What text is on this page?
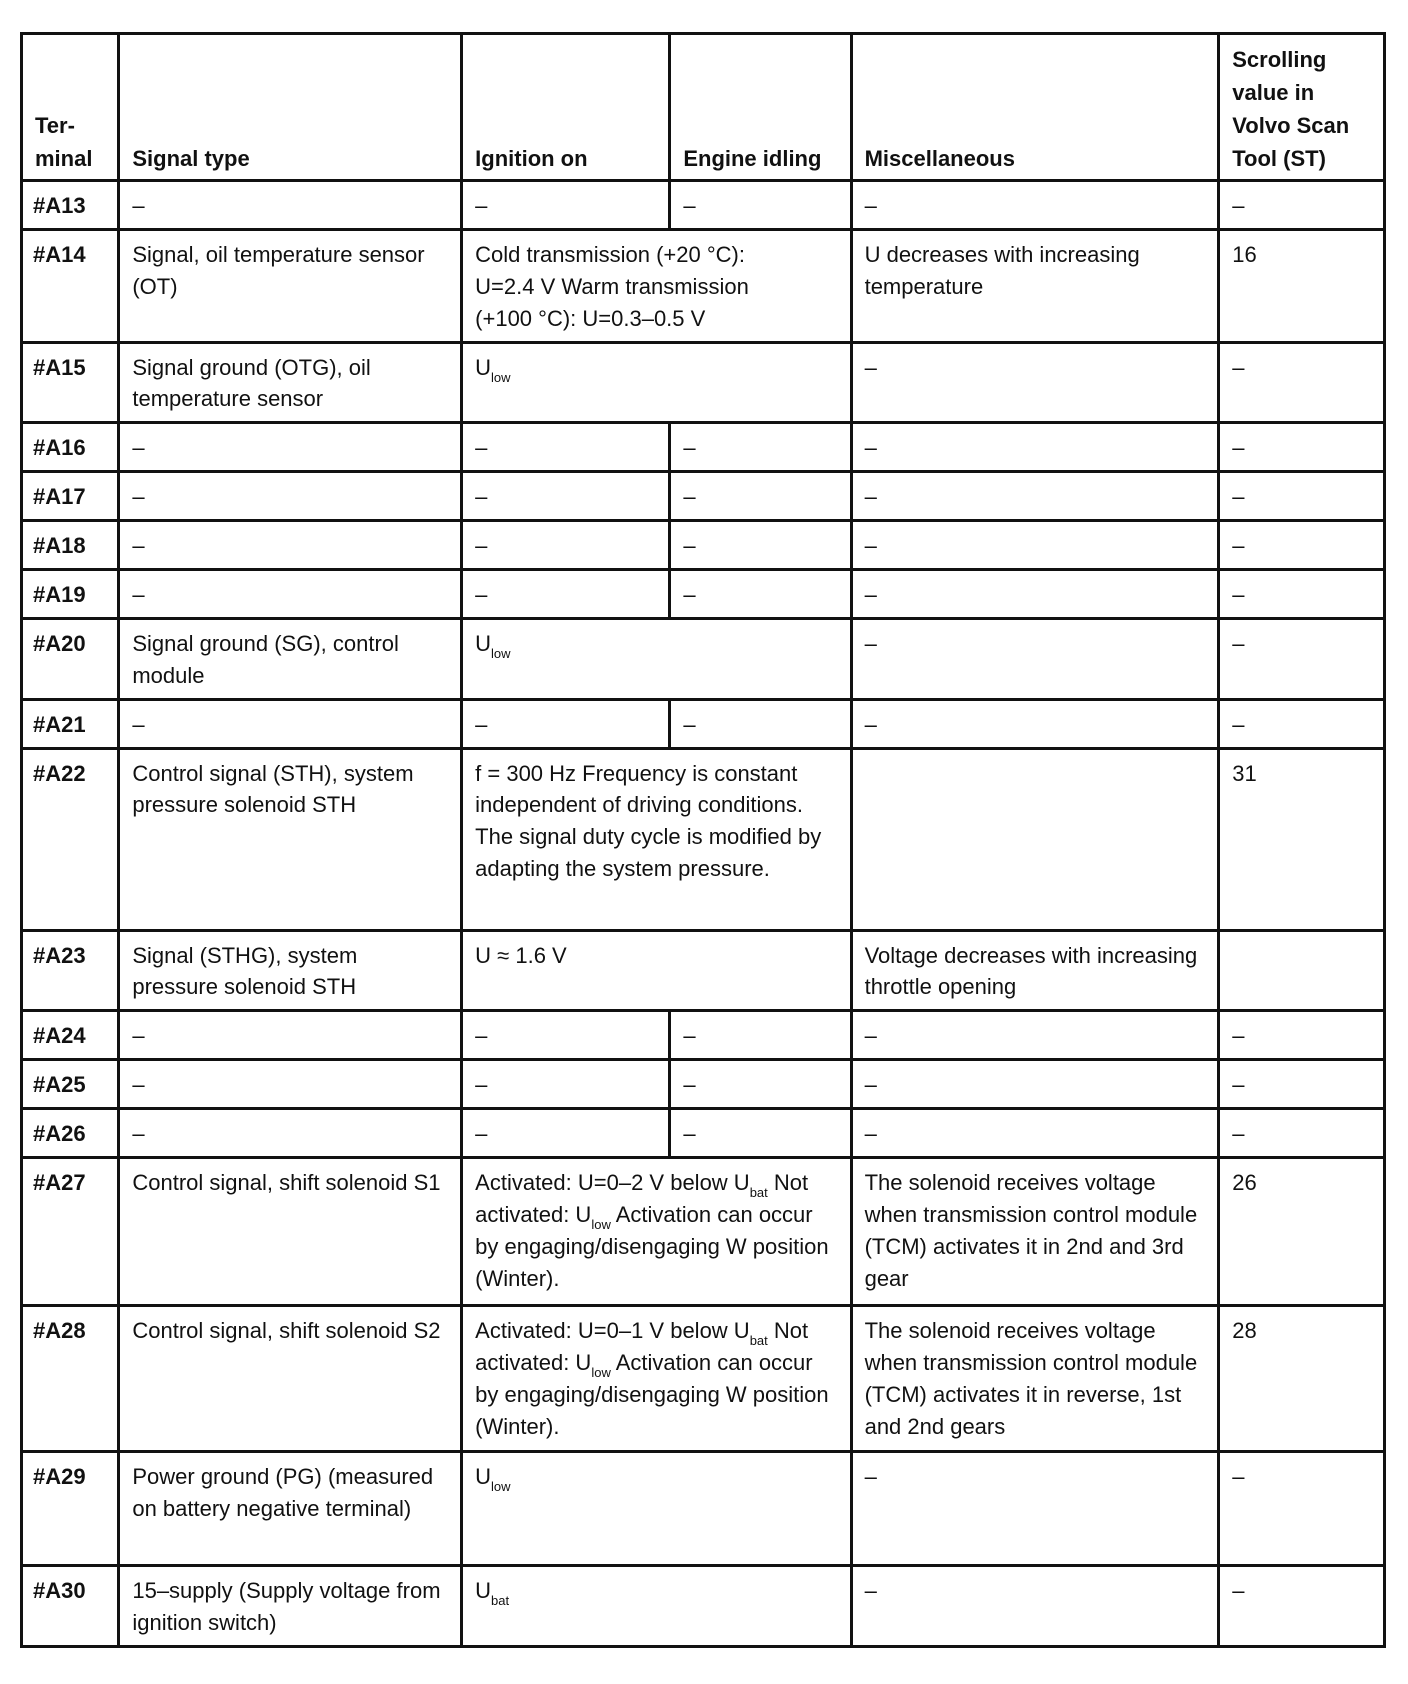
Ter- minal	Signal type	Ignition on	Engine idling	Miscellaneous	Scrolling value in Volvo Scan Tool (ST)
#A13	–	–	–	–	–
#A14	Signal, oil temperature sensor (OT)	Cold transmission (+20 °C):
U=2.4 V Warm transmission
(+100 °C): U=0.3–0.5 V		U decreases with increasing temperature	16
#A15	Signal ground (OTG), oil temperature sensor	$U_{low}$		–	–
#A16	–	–	–	–	–
#A17	–	–	–	–	–
#A18	–	–	–	–	–
#A19	–	–	–	–	–
#A20	Signal ground (SG), control module	$U_{low}$		–	–
#A21	–	–	–	–	–
#A22	Control signal (STH), system pressure solenoid STH	f = 300 Hz Frequency is constant independent of driving conditions. The signal duty cycle is modified by adapting the system pressure.			31
#A23	Signal (STHG), system pressure solenoid STH	U ≈ 1.6 V		Voltage decreases with increasing throttle opening	
#A24	–	–	–	–	–
#A25	–	–	–	–	–
#A26	–	–	–	–	–
#A27	Control signal, shift solenoid S1	Activated: U=0–2 V below $U_{bat}$ Not activated: $U_{low}$ Activation can occur by engaging/disengaging W position (Winter).		The solenoid receives voltage when transmission control module (TCM) activates it in 2nd and 3rd gear	26
#A28	Control signal, shift solenoid S2	Activated: U=0–1 V below $U_{bat}$ Not activated: $U_{low}$ Activation can occur by engaging/disengaging W position (Winter).		The solenoid receives voltage when transmission control module (TCM) activates it in reverse, 1st and 2nd gears	28
#A29	Power ground (PG) (measured on battery negative terminal)	$U_{low}$		–	–
#A30	15–supply (Supply voltage from ignition switch)	$U_{bat}$		–	–
